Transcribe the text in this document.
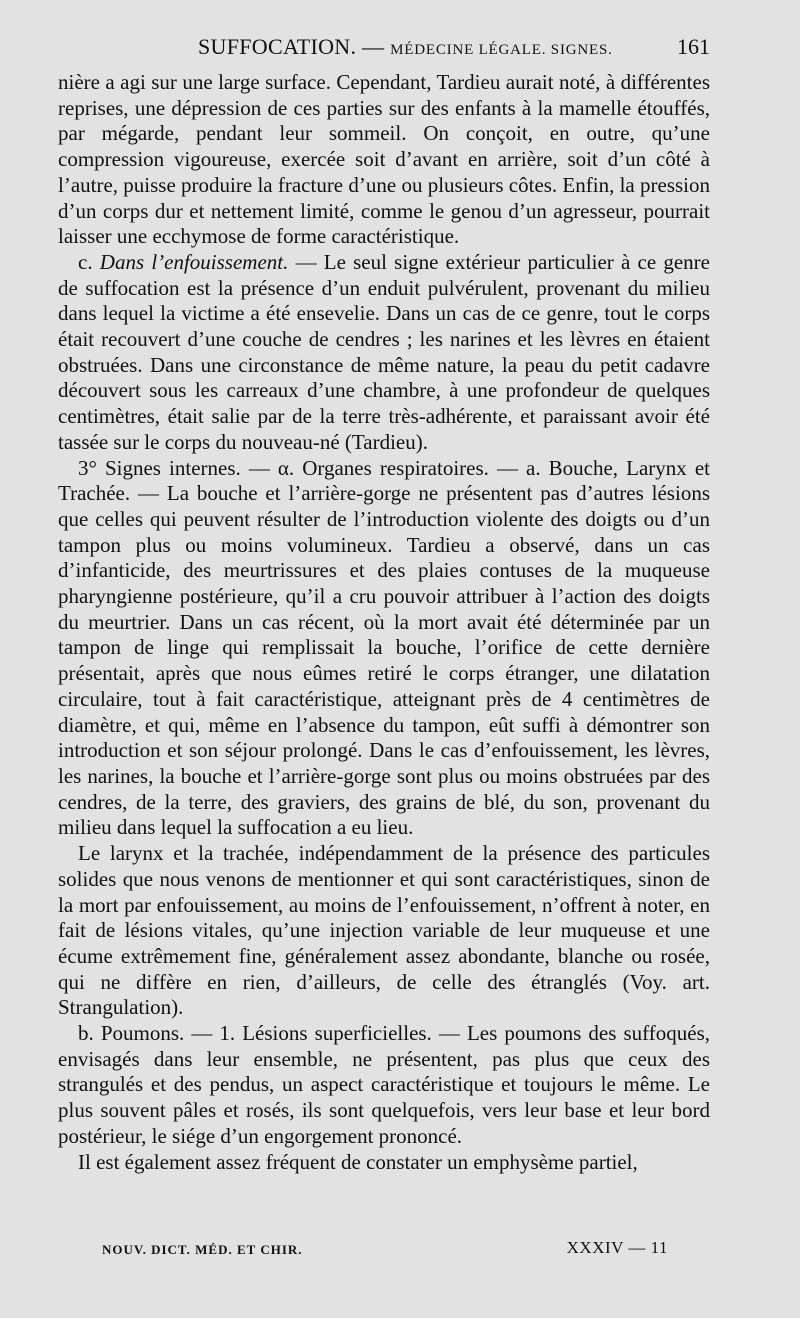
SUFFOCATION. — MÉDECINE LÉGALE. SIGNES.	161

nière a agi sur une large surface. Cependant, Tardieu aurait noté, à différentes reprises, une dépression de ces parties sur des enfants à la mamelle étouffés, par mégarde, pendant leur sommeil. On conçoit, en outre, qu’une compression vigoureuse, exercée soit d’avant en arrière, soit d’un côté à l’autre, puisse produire la fracture d’une ou plusieurs côtes. Enfin, la pression d’un corps dur et nettement limité, comme le genou d’un agresseur, pourrait laisser une ecchymose de forme caractéristique.

c. Dans l’enfouissement. — Le seul signe extérieur particulier à ce genre de suffocation est la présence d’un enduit pulvérulent, provenant du milieu dans lequel la victime a été ensevelie. Dans un cas de ce genre, tout le corps était recouvert d’une couche de cendres ; les narines et les lèvres en étaient obstruées. Dans une circonstance de même nature, la peau du petit cadavre découvert sous les carreaux d’une chambre, à une profondeur de quelques centimètres, était salie par de la terre très-adhérente, et paraissant avoir été tassée sur le corps du nouveau-né (Tardieu).

3° Signes internes. — α. Organes respiratoires. — a. Bouche, Larynx et Trachée. — La bouche et l’arrière-gorge ne présentent pas d’autres lésions que celles qui peuvent résulter de l’introduction violente des doigts ou d’un tampon plus ou moins volumineux. Tardieu a observé, dans un cas d’infanticide, des meurtrissures et des plaies contuses de la muqueuse pharyngienne postérieure, qu’il a cru pouvoir attribuer à l’action des doigts du meurtrier. Dans un cas récent, où la mort avait été déterminée par un tampon de linge qui remplissait la bouche, l’orifice de cette dernière présentait, après que nous eûmes retiré le corps étranger, une dilatation circulaire, tout à fait caractéristique, atteignant près de 4 centimètres de diamètre, et qui, même en l’absence du tampon, eût suffi à démontrer son introduction et son séjour prolongé. Dans le cas d’enfouissement, les lèvres, les narines, la bouche et l’arrière-gorge sont plus ou moins obstruées par des cendres, de la terre, des graviers, des grains de blé, du son, provenant du milieu dans lequel la suffocation a eu lieu.

Le larynx et la trachée, indépendamment de la présence des particules solides que nous venons de mentionner et qui sont caractéristiques, sinon de la mort par enfouissement, au moins de l’enfouissement, n’offrent à noter, en fait de lésions vitales, qu’une injection variable de leur muqueuse et une écume extrêmement fine, généralement assez abondante, blanche ou rosée, qui ne diffère en rien, d’ailleurs, de celle des étranglés (Voy. art. Strangulation).

b. Poumons. — 1. Lésions superficielles. — Les poumons des suffoqués, envisagés dans leur ensemble, ne présentent, pas plus que ceux des strangulés et des pendus, un aspect caractéristique et toujours le même. Le plus souvent pâles et rosés, ils sont quelquefois, vers leur base et leur bord postérieur, le siége d’un engorgement prononcé.

Il est également assez fréquent de constater un emphysème partiel,

NOUV. DICT. MÉD. ET CHIR.	XXXIV — 11
